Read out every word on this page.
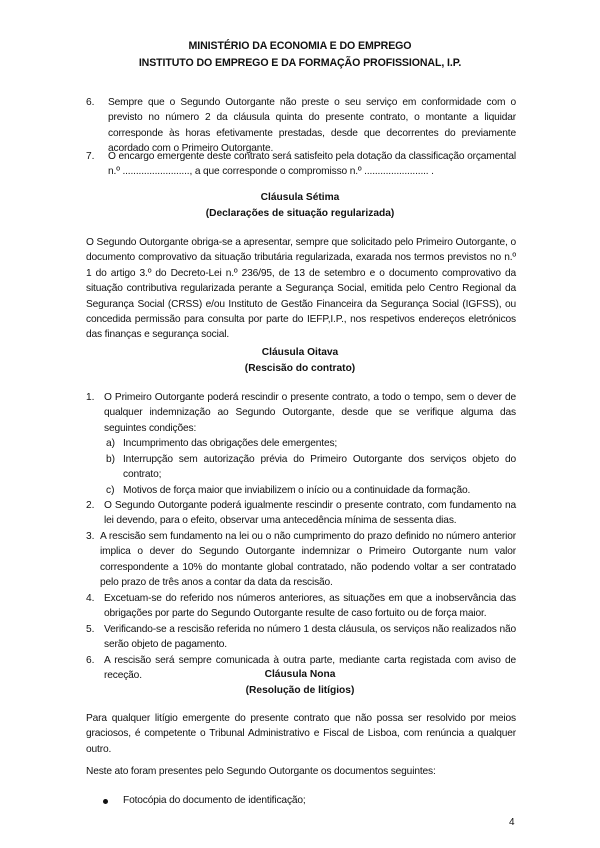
MINISTÉRIO DA ECONOMIA E DO EMPREGO
INSTITUTO DO EMPREGO E DA FORMAÇÃO PROFISSIONAL, I.P.
6. Sempre que o Segundo Outorgante não preste o seu serviço em conformidade com o previsto no número 2 da cláusula quinta do presente contrato, o montante a liquidar corresponde às horas efetivamente prestadas, desde que decorrentes do previamente acordado com o Primeiro Outorgante.
7. O encargo emergente deste contrato será satisfeito pela dotação da classificação orçamental n.º ........................., a que corresponde o compromisso n.º ........................ .
Cláusula Sétima
(Declarações de situação regularizada)
O Segundo Outorgante obriga-se a apresentar, sempre que solicitado pelo Primeiro Outorgante, o documento comprovativo da situação tributária regularizada, exarada nos termos previstos no n.º 1 do artigo 3.º do Decreto-Lei n.º 236/95, de 13 de setembro e o documento comprovativo da situação contributiva regularizada perante a Segurança Social, emitida pelo Centro Regional da Segurança Social (CRSS) e/ou Instituto de Gestão Financeira da Segurança Social (IGFSS), ou concedida permissão para consulta por parte do IEFP,I.P., nos respetivos endereços eletrónicos das finanças e segurança social.
Cláusula Oitava
(Rescisão do contrato)
1. O Primeiro Outorgante poderá rescindir o presente contrato, a todo o tempo, sem o dever de qualquer indemnização ao Segundo Outorgante, desde que se verifique alguma das seguintes condições:
a) Incumprimento das obrigações dele emergentes;
b) Interrupção sem autorização prévia do Primeiro Outorgante dos serviços objeto do contrato;
c) Motivos de força maior que inviabilizem o início ou a continuidade da formação.
2. O Segundo Outorgante poderá igualmente rescindir o presente contrato, com fundamento na lei devendo, para o efeito, observar uma antecedência mínima de sessenta dias.
3. A rescisão sem fundamento na lei ou o não cumprimento do prazo definido no número anterior implica o dever do Segundo Outorgante indemnizar o Primeiro Outorgante num valor correspondente a 10% do montante global contratado, não podendo voltar a ser contratado pelo prazo de três anos a contar da data da rescisão.
4. Excetuam-se do referido nos números anteriores, as situações em que a inobservância das obrigações por parte do Segundo Outorgante resulte de caso fortuito ou de força maior.
5. Verificando-se a rescisão referida no número 1 desta cláusula, os serviços não realizados não serão objeto de pagamento.
6. A rescisão será sempre comunicada à outra parte, mediante carta registada com aviso de receção.	Cláusula Nona
(Resolução de litígios)
Para qualquer litígio emergente do presente contrato que não possa ser resolvido por meios graciosos, é competente o Tribunal Administrativo e Fiscal de Lisboa, com renúncia a qualquer outro.
Neste ato foram presentes pelo Segundo Outorgante os documentos seguintes:
Fotocópia do documento de identificação;
4
